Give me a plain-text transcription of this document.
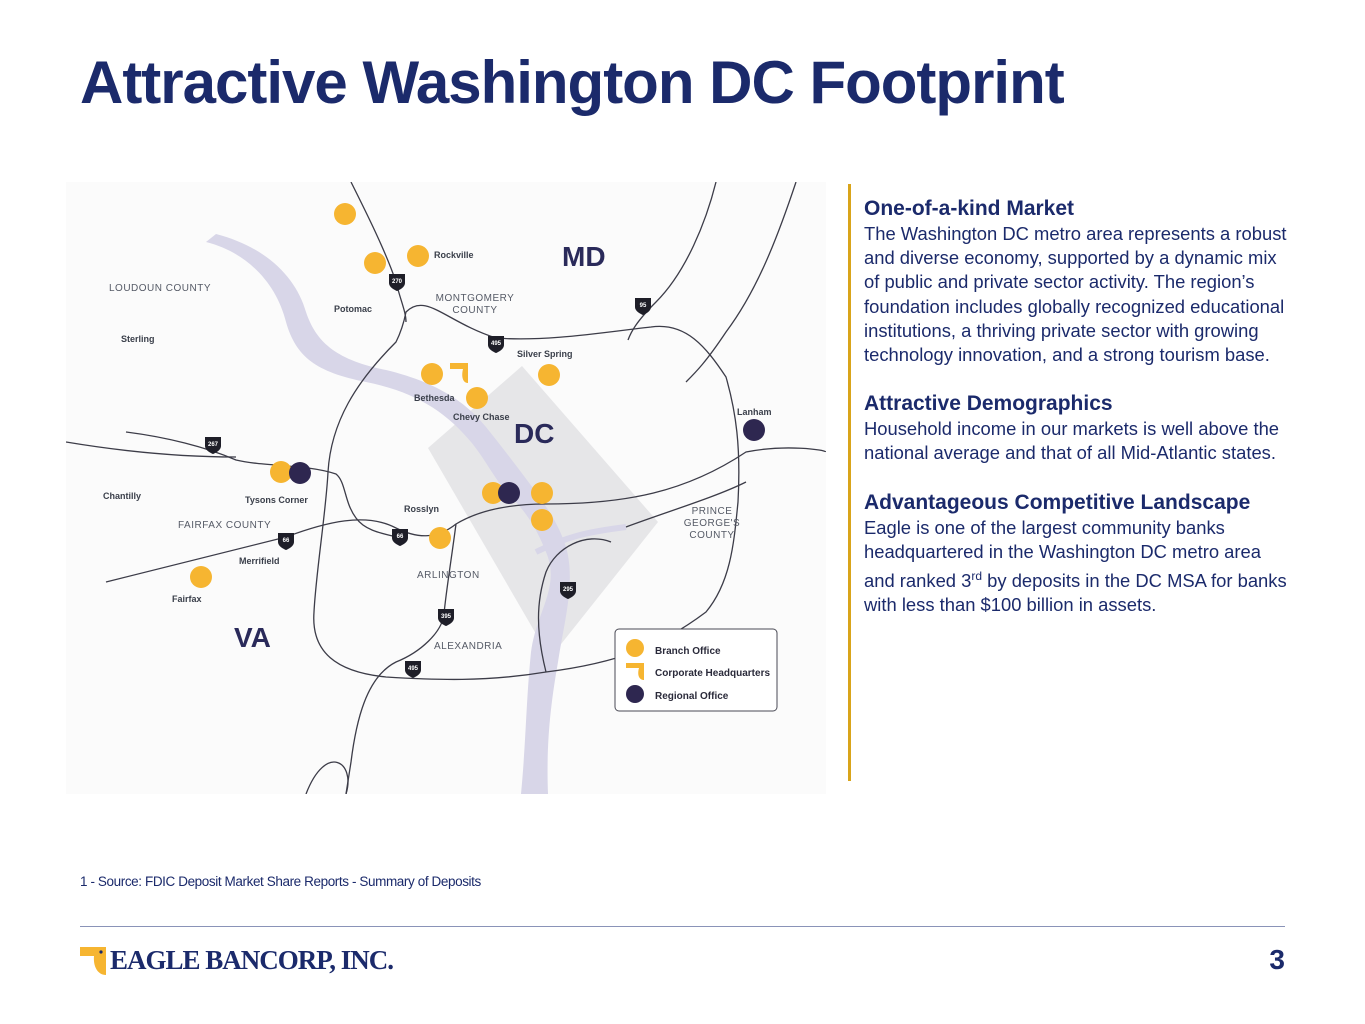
Attractive Washington DC Footprint
270
95
495
267
66
66
395
295
495
MD
DC
VA
LOUDOUN COUNTY
MONTGOMERY
COUNTY
FAIRFAX COUNTY
ARLINGTON
ALEXANDRIA
PRINCE
GEORGE'S
COUNTY
Rockville
Potomac
Sterling
Silver Spring
Bethesda
Chevy Chase	Lanham
Chantilly	Tysons Corner
Rosslyn
Merrifield
Fairfax
Branch Office
Corporate Headquarters
Regional Office
One-of-a-kind Market

The Washington DC metro area represents a robust and diverse economy, supported by a dynamic mix of public and private sector activity. The region’s foundation includes globally recognized educational institutions, a thriving private sector with growing technology innovation, and a strong tourism base.

Attractive Demographics

Household income in our markets is well above the national average and that of all Mid-Atlantic states.

Advantageous Competitive Landscape

Eagle is one of the largest community banks headquartered in the Washington DC metro area and ranked 3rd by deposits in the DC MSA for banks with less than $100 billion in assets.

1 - Source: FDIC Deposit Market Share Reports - Summary of Deposits
EAGLE BANCORP, INC.	3
